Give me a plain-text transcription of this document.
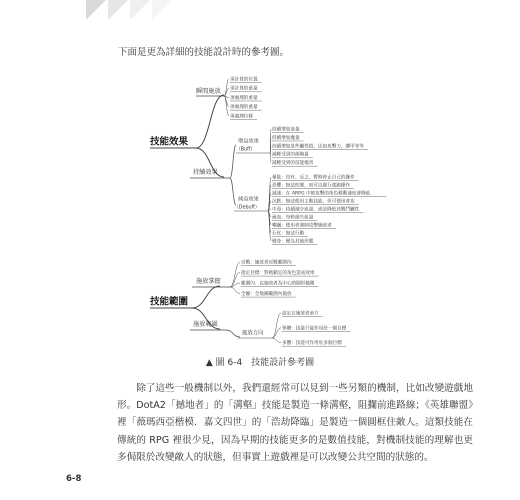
下面是更為詳細的技能設計時的參考圖。
技能效果
瞬間施放
須計算的位置
須計算的重量
須處理的重量
須處理的重量
須處理位移
持續效果
增益效果
（Buff）
持續增加血量
持續增加魔量
持續增加某些屬性值，比如攻擊力、護甲等等
減輕受到的損傷量
減輕受到的技能傷害
減益效果
（Debuff）
暈眩：沒有、反之、暫時停止自己的操作
恐懼：無法控制，而可以進行逃跑操作
減速：在 ARPG 中被攻擊的角色移動速度會降低
沉默：無法使用主動技能，但可使用普攻
中毒：持續減少血量，或是降低其戰鬥屬性
流血：每秒損失血量
嘲諷：使用者強制攻擊施放者
石化：無法行動
變身：變為其他形態
技能範圍
施放掌握
近戰：施放者近戰範圍內
指定目標：對被鎖定的角色造成效果
範圍內：以施放者為中心的圓形範圍
全圖：全地圖範圍內施放
施放範圍
施放方向
設定在施放者前方
單體：技能只能作用於一個目標
多體：技能可作用於多個目標
▲ 圖 6-4　技能設計參考圖

除了這些一般機制以外，我們還經常可以見到一些另類的機制，比如改變遊戲地形。DotA2「撼地者」的「溝壑」技能是製造一條溝壑，阻攔前進路線；《英雄聯盟》裡「薇瑪西亞楷模．嘉文四世」的「浩劫降臨」是製造一個圓框住敵人。這類技能在傳統的 RPG 裡很少見，因為早期的技能更多的是數值技能，對機制技能的理解也更多侷限於改變敵人的狀態，但事實上遊戲裡是可以改變公共空間的狀態的。

6-8
